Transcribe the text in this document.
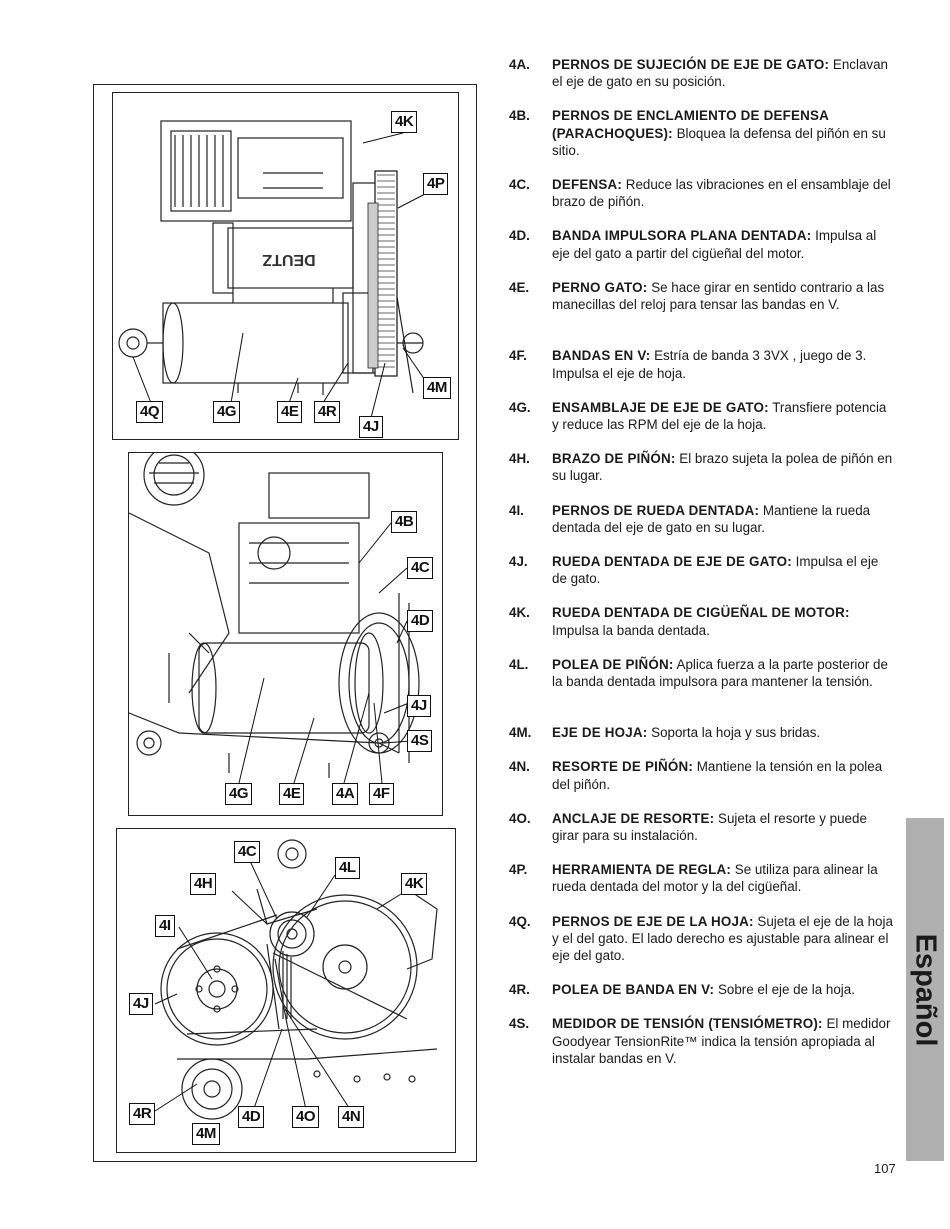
DEUTZ
4K
4P
4M
4Q	4G	4E 4R
4J
4B
4C
4D
4J
4S
4G 4E 4A 4F
4C
4L
4H	4K
4I
4J
4R	4D 4O 4N
4M
4A. PERNOS DE SUJECIÓN DE EJE DE GATO: Enclavan el eje de gato en su posición.
4B. PERNOS DE ENCLAMIENTO DE DEFENSA (PARACHOQUES): Bloquea la defensa del piñón en su sitio.
4C. DEFENSA: Reduce las vibraciones en el ensamblaje del brazo de piñón.
4D. BANDA IMPULSORA PLANA DENTADA: Impulsa al eje del gato a partir del cigüeñal del motor.
4E. PERNO GATO: Se hace girar en sentido contrario a las manecillas del reloj para tensar las bandas en V.
4F. BANDAS EN V: Estría de banda 3 3VX , juego de 3. Impulsa el eje de hoja.
4G. ENSAMBLAJE DE EJE DE GATO: Transfiere potencia y reduce las RPM del eje de la hoja.
4H. BRAZO DE PIÑÓN: El brazo sujeta la polea de piñón en su lugar.
4I. PERNOS DE RUEDA DENTADA: Mantiene la rueda dentada del eje de gato en su lugar.
4J. RUEDA DENTADA DE EJE DE GATO: Impulsa el eje de gato.
4K. RUEDA DENTADA DE CIGÜEÑAL DE MOTOR: Impulsa la banda dentada.
4L. POLEA DE PIÑÓN: Aplica fuerza a la parte posterior de la banda dentada impulsora para mantener la tensión.
4M. EJE DE HOJA: Soporta la hoja y sus bridas.
4N. RESORTE DE PIÑÓN: Mantiene la tensión en la polea del piñón.
4O. ANCLAJE DE RESORTE: Sujeta el resorte y puede girar para su instalación.
4P. HERRAMIENTA DE REGLA: Se utiliza para alinear la rueda dentada del motor y la del cigüeñal.
4Q. PERNOS DE EJE DE LA HOJA: Sujeta el eje de la hoja y el del gato. El lado derecho es ajustable para alinear el eje del gato.
4R. POLEA DE BANDA EN V: Sobre el eje de la hoja.
4S. MEDIDOR DE TENSIÓN (TENSIÓMETRO): El medidor Goodyear TensionRite™ indica la tensión apropiada al instalar bandas en V.
Español
107
